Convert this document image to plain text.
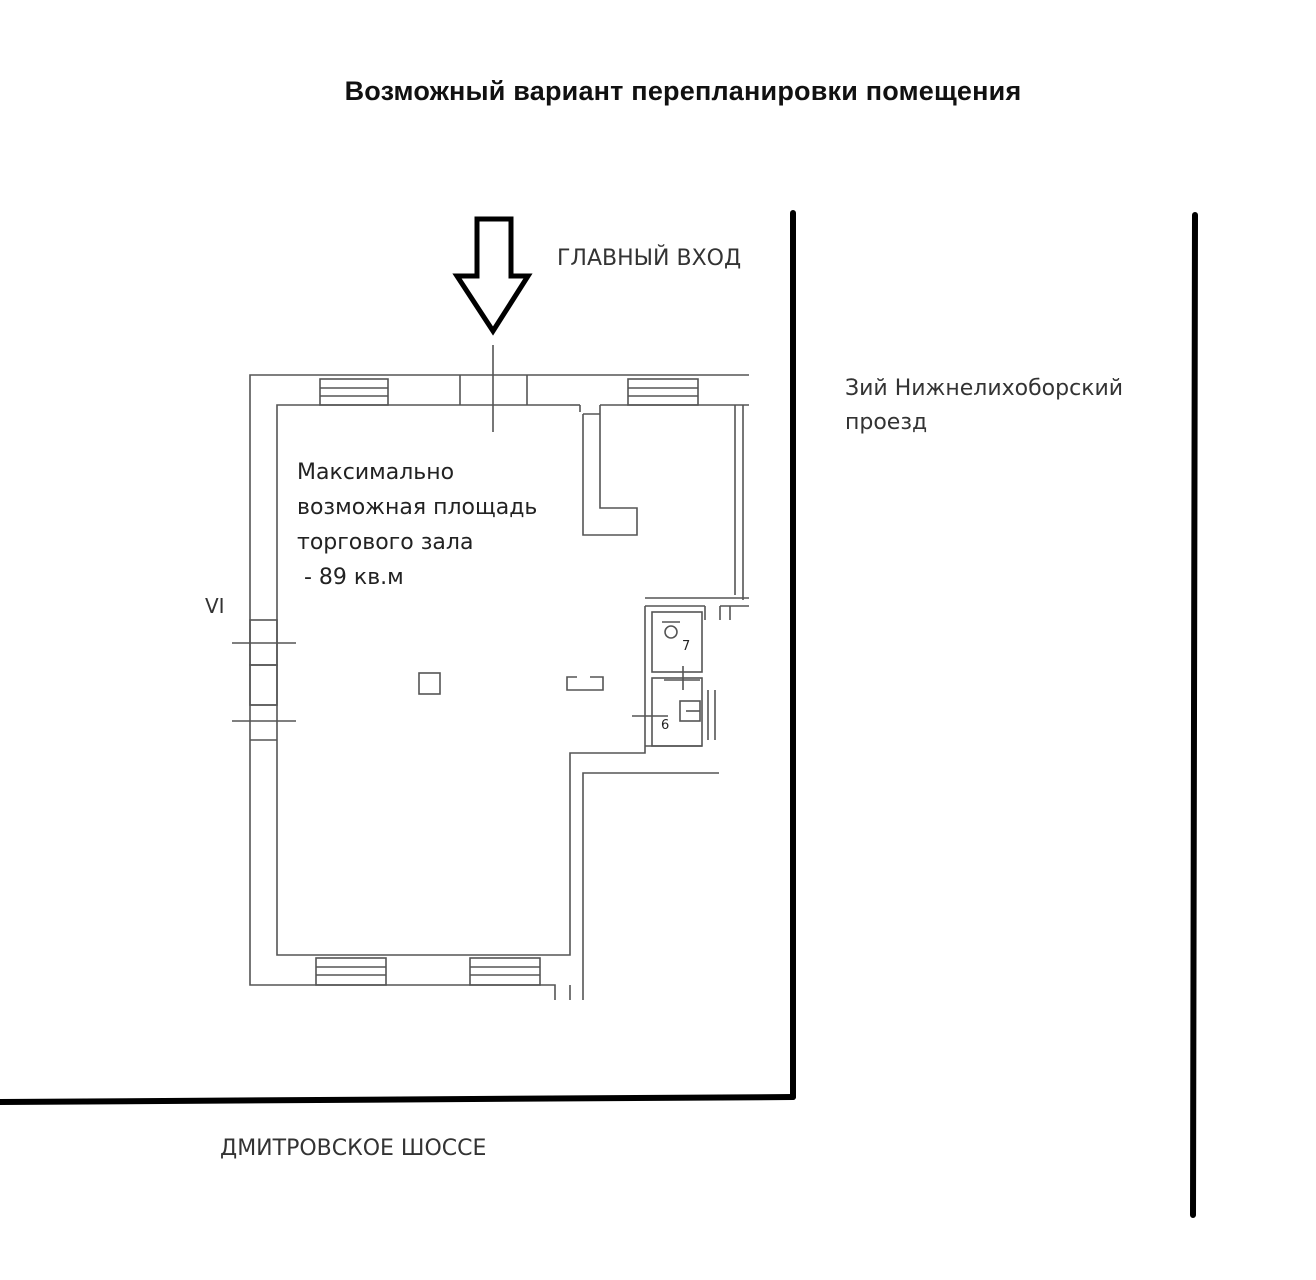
Возможный вариант перепланировки помещения
ГЛАВНЫЙ ВХОД
Зий Нижнелихоборский
проезд
ДМИТРОВСКОЕ ШОССЕ
Максимально
возможная площадь
торгового зала
- 89 кв.м
VI
7
6
